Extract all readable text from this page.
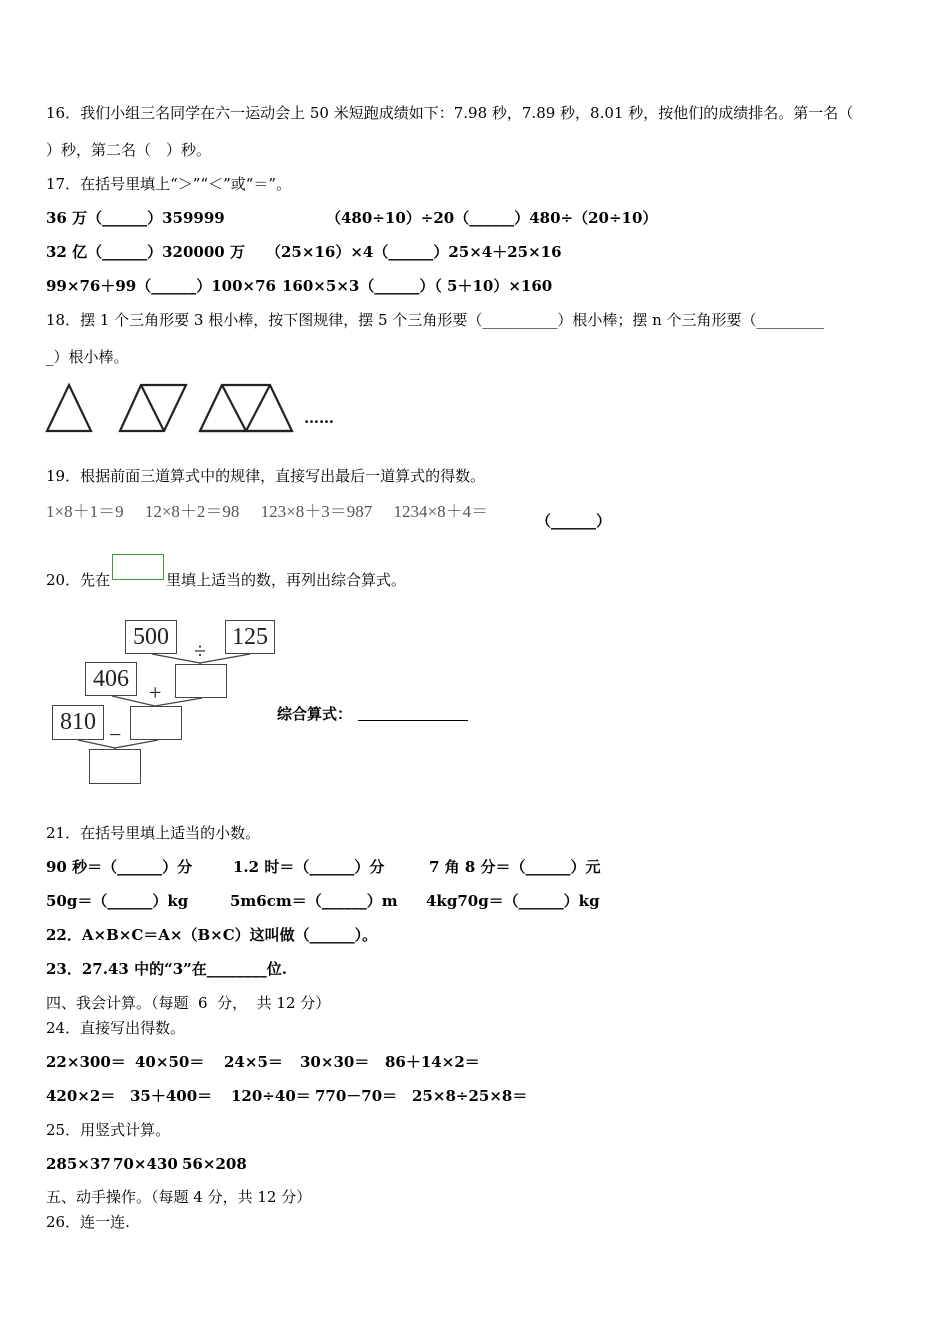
16．我们小组三名同学在六一运动会上 50 米短跑成绩如下：7.98 秒，7.89 秒，8.01 秒，按他们的成绩排名。第一名（
）秒，第二名（　）秒。
17．在括号里填上“＞”“＜”或“＝”。
36 万（______）359999	（480÷10）÷20（______）480÷（20÷10）
32 亿（______）320000 万 （25×16）×4（______）25×4＋25×16
99×76＋99（______）100×76 160×5×3（______）（ 5＋10）×160
18．摆 1 个三角形要 3 根小棒，按下图规律，摆 5 个三角形要（__________）根小棒；摆 n 个三角形要（_________
_）根小棒。
……
19．根据前面三道算式中的规律，直接写出最后一道算式的得数。
1×8＋1＝9　 12×8＋2＝98　 123×8＋3＝987　 1234×8＋4＝	（______）
20．先在	里填上适当的数，再列出综合算式。
500	125
÷
406
+
810 −
综合算式：
21．在括号里填上适当的小数。
90 秒＝（______）分	1.2 时＝（______）分	7 角 8 分＝（______）元
50g＝（______）kg	5m6cm＝（______）m 4kg70g＝（______）kg
22．A×B×C＝A×（B×C）这叫做（______）。
23．27.43 中的“3”在________位.
四、我会计算。（每题  6  分，  共 12 分）
24．直接写出得数。
22×300＝ 40×50＝ 24×5＝ 30×30＝ 86＋14×2＝
420×2＝ 35＋400＝ 120÷40＝ 770－70＝ 25×8÷25×8＝
25．用竖式计算。
285×37 70×430 56×208
五、动手操作。（每题 4 分，共 12 分）
26．连一连.
